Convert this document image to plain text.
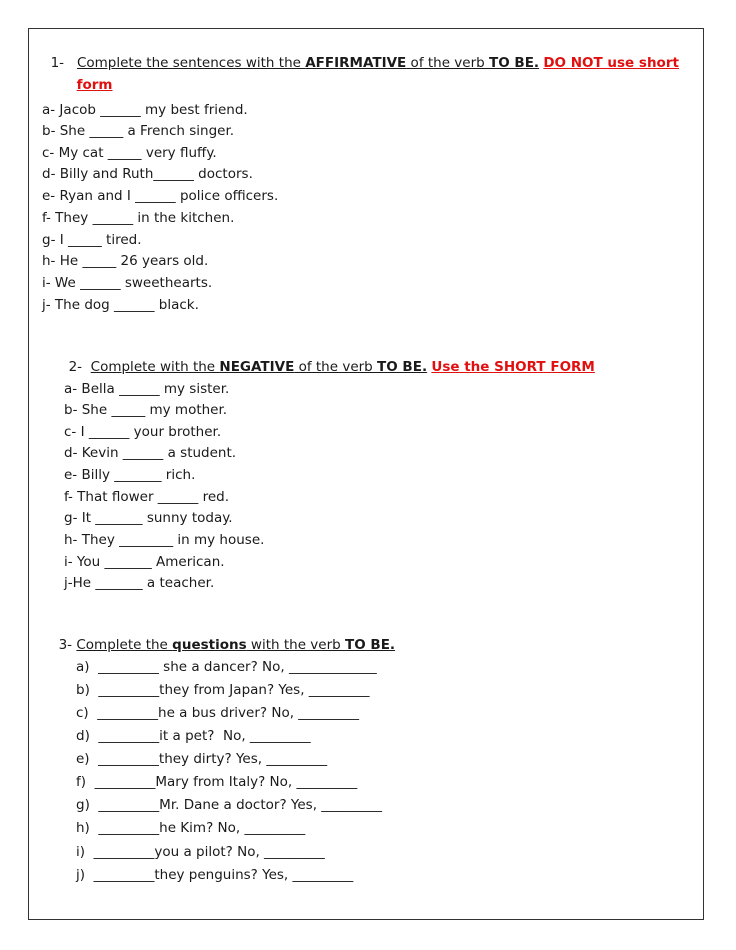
1- Complete the sentences with the AFFIRMATIVE of the verb TO BE. DO NOT use short

form

a- Jacob ______ my best friend.
b- She _____ a French singer.
c- My cat _____ very fluffy.
d- Billy and Ruth______ doctors.
e- Ryan and I ______ police officers.
f- They ______ in the kitchen.
g- I _____ tired.
h- He _____ 26 years old.
i- We ______ sweethearts.
j- The dog ______ black.

2- Complete with the NEGATIVE of the verb TO BE. Use the SHORT FORM

a- Bella ______ my sister.
b- She _____ my mother.
c- I ______ your brother.
d- Kevin ______ a student.
e- Billy _______ rich.
f- That flower ______ red.
g- It _______ sunny today.
h- They ________ in my house.
i- You _______ American.
j-He _______ a teacher.

3- Complete the questions with the verb TO BE.

a)  _________ she a dancer? No, _____________
b)  _________they from Japan? Yes, _________
c)  _________he a bus driver? No, _________
d)  _________it a pet?  No, _________
e)  _________they dirty? Yes, _________
f)  _________Mary from Italy? No, _________
g)  _________Mr. Dane a doctor? Yes, _________
h)  _________he Kim? No, _________
i)  _________you a pilot? No, _________
j)  _________they penguins? Yes, _________
